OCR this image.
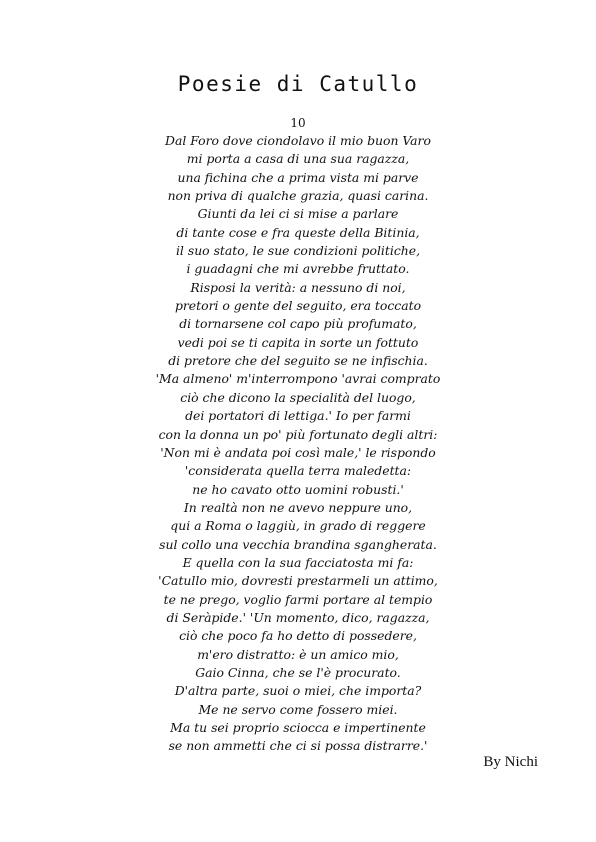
Poesie di Catullo
10
Dal Foro dove ciondolavo il mio buon Varo
mi porta a casa di una sua ragazza,
una fichina che a prima vista mi parve
non priva di qualche grazia, quasi carina.
Giunti da lei ci si mise a parlare
di tante cose e fra queste della Bitinia,
il suo stato, le sue condizioni politiche,
i guadagni che mi avrebbe fruttato.
Risposi la verità: a nessuno di noi,
pretori o gente del seguito, era toccato
di tornarsene col capo più profumato,
vedi poi se ti capita in sorte un fottuto
di pretore che del seguito se ne infischia.
'Ma almeno' m'interrompono 'avrai comprato
ciò che dicono la specialità del luogo,
dei portatori di lettiga.' Io per farmi
con la donna un po' più fortunato degli altri:
'Non mi è andata poi così male,' le rispondo
'considerata quella terra maledetta:
ne ho cavato otto uomini robusti.'
In realtà non ne avevo neppure uno,
qui a Roma o laggiù, in grado di reggere
sul collo una vecchia brandina sgangherata.
E quella con la sua facciatosta mi fa:
'Catullo mio, dovresti prestarmeli un attimo,
te ne prego, voglio farmi portare al tempio
di Seràpide.' 'Un momento, dico, ragazza,
ciò che poco fa ho detto di possedere,
m'ero distratto: è un amico mio,
Gaio Cinna, che se l'è procurato.
D'altra parte, suoi o miei, che importa?
Me ne servo come fossero miei.
Ma tu sei proprio sciocca e impertinente
se non ammetti che ci si possa distrarre.'
By Nichi
